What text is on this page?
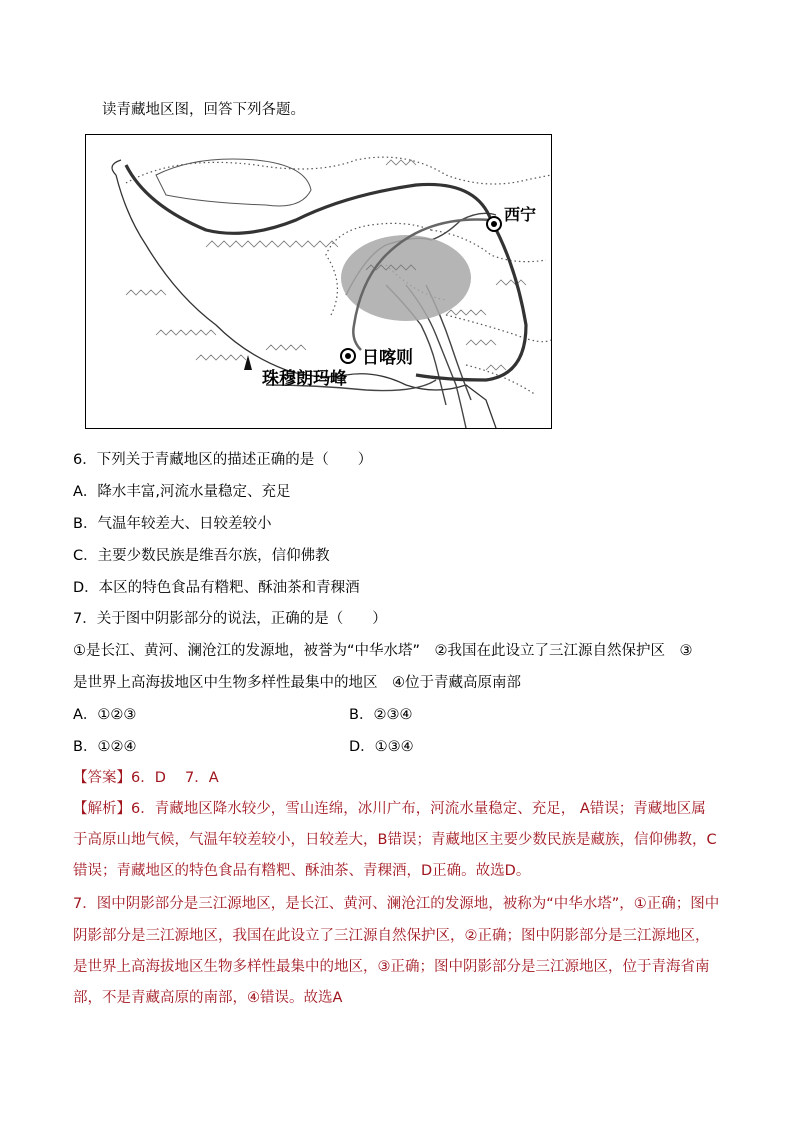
读青藏地区图，回答下列各题。
西宁
日喀则
珠穆朗玛峰
6．下列关于青藏地区的描述正确的是（　　）
A．降水丰富,河流水量稳定、充足
B．气温年较差大、日较差较小
C．主要少数民族是维吾尔族，信仰佛教
D．本区的特色食品有糌粑、酥油茶和青稞酒
7．关于图中阴影部分的说法，正确的是（　　）
①是长江、黄河、澜沧江的发源地，被誉为“中华水塔”　②我国在此设立了三江源自然保护区　③
是世界上高海拔地区中生物多样性最集中的地区　④位于青藏高原南部
A．①②③	B．②③④
B．①②④	D．①③④
【答案】6．D　 7．A
【解析】6．青藏地区降水较少，雪山连绵，冰川广布，河流水量稳定、充足， A错误；青藏地区属
于高原山地气候，气温年较差较小，日较差大，B错误；青藏地区主要少数民族是藏族，信仰佛教，C
错误；青藏地区的特色食品有糌粑、酥油茶、青稞酒，D正确。故选D。
7．图中阴影部分是三江源地区，是长江、黄河、澜沧江的发源地，被称为“中华水塔”，①正确；图中
阴影部分是三江源地区，我国在此设立了三江源自然保护区，②正确；图中阴影部分是三江源地区，
是世界上高海拔地区生物多样性最集中的地区，③正确；图中阴影部分是三江源地区，位于青海省南
部，不是青藏高原的南部，④错误。故选A
